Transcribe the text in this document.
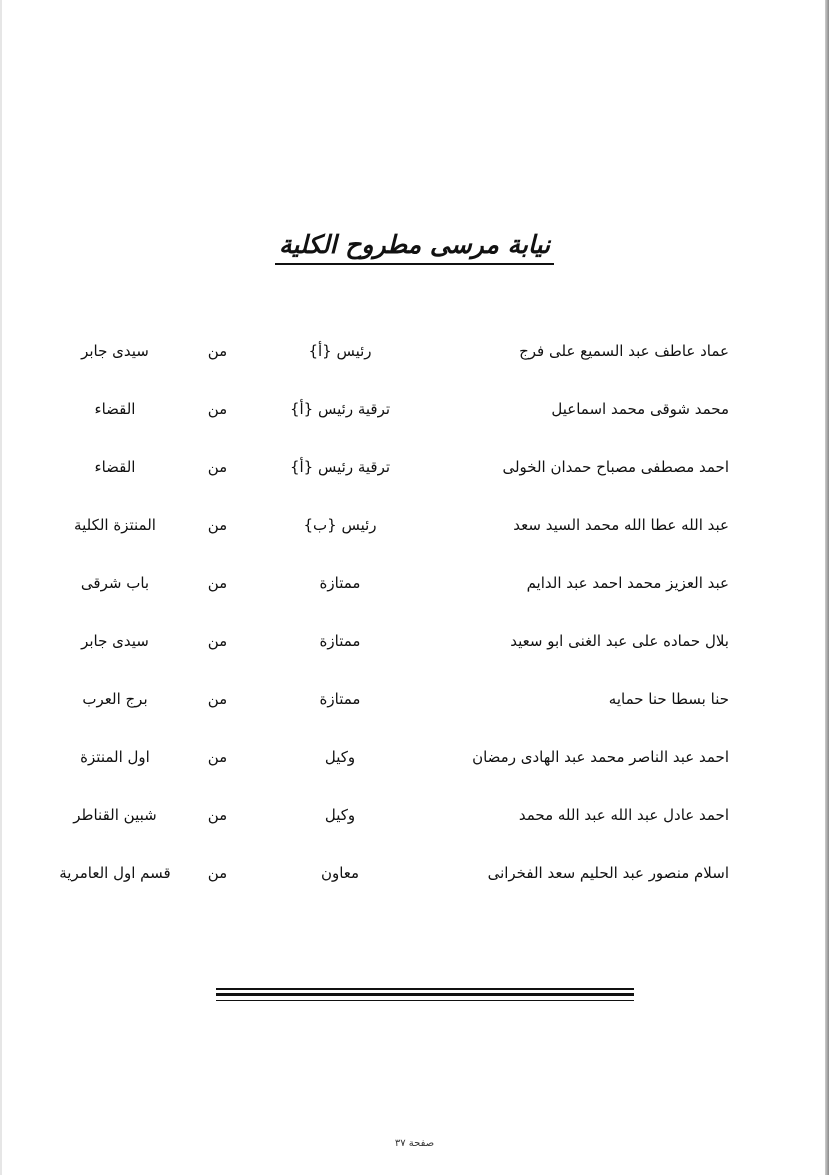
نيابة مرسى مطروح الكلية
عماد عاطف عبد السميع على فرج
رئيس {أ}
من
سيدى جابر
محمد شوقى محمد اسماعيل
ترقية رئيس {أ}
من
القضاء
احمد مصطفى مصباح حمدان الخولى
ترقية رئيس {أ}
من
القضاء
عبد الله عطا الله محمد السيد سعد
رئيس {ب}
من
المنتزة الكلية
عبد العزيز محمد احمد عبد الدايم
ممتازة
من
باب شرقى
بلال حماده على عبد الغنى ابو سعيد
ممتازة
من
سيدى جابر
حنا بسطا حنا حمايه
ممتازة
من
برج العرب
احمد عبد الناصر محمد عبد الهادى رمضان
وكيل
من
اول المنتزة
احمد عادل عبد الله عبد الله محمد
وكيل
من
شبين القناطر
اسلام منصور عبد الحليم سعد الفخرانى
معاون
من
قسم اول العامرية
صفحة ٣٧
